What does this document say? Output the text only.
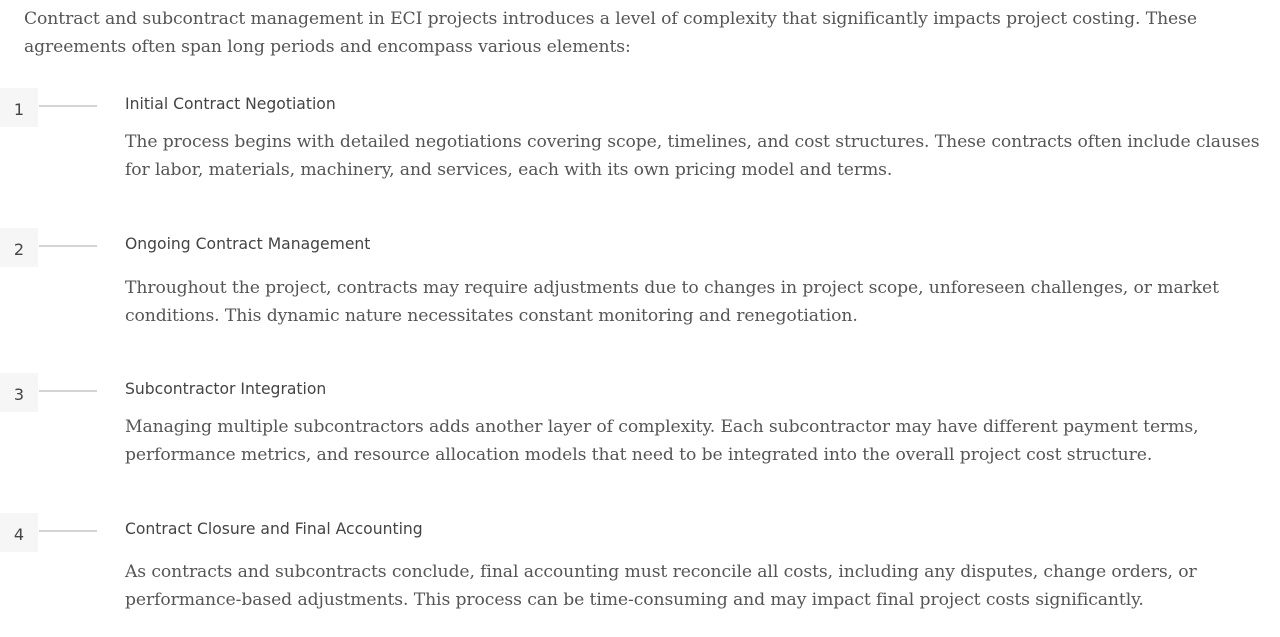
Contract and subcontract management in ECI projects introduces a level of complexity that significantly impacts project costing. These agreements often span long periods and encompass various elements:

1	Initial Contract Negotiation

The process begins with detailed negotiations covering scope, timelines, and cost structures. These contracts often include clauses for labor, materials, machinery, and services, each with its own pricing model and terms.

2	Ongoing Contract Management

Throughout the project, contracts may require adjustments due to changes in project scope, unforeseen challenges, or market conditions. This dynamic nature necessitates constant monitoring and renegotiation.

3	Subcontractor Integration

Managing multiple subcontractors adds another layer of complexity. Each subcontractor may have different payment terms, performance metrics, and resource allocation models that need to be integrated into the overall project cost structure.

4	Contract Closure and Final Accounting

As contracts and subcontracts conclude, final accounting must reconcile all costs, including any disputes, change orders, or performance-based adjustments. This process can be time-consuming and may impact final project costs significantly.
